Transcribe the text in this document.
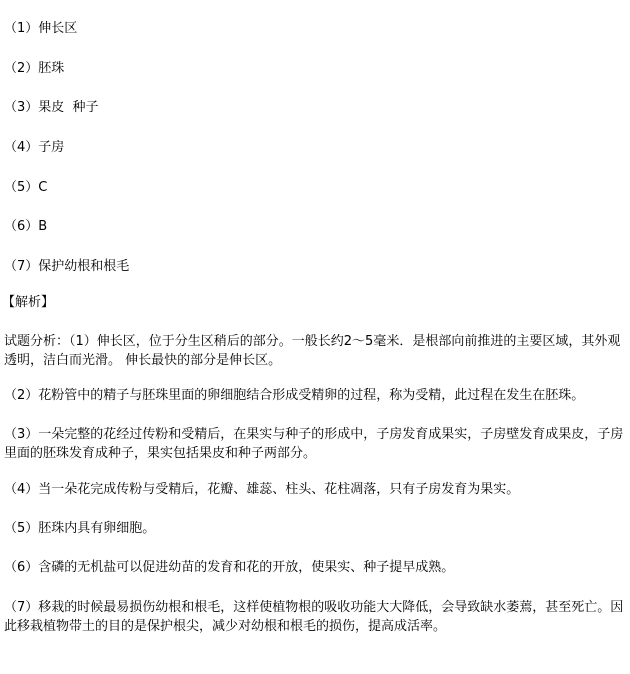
（1）伸长区
（2）胚珠
（3）果皮  种子
（4）子房
（5）C
（6）B
（7）保护幼根和根毛
【解析】
试题分析：（1）伸长区，位于分生区稍后的部分。一般长约2～5毫米．是根部向前推进的主要区域，其外观透明，洁白而光滑。 伸长最快的部分是伸长区。
（2）花粉管中的精子与胚珠里面的卵细胞结合形成受精卵的过程，称为受精，此过程在发生在胚珠。
（3）一朵完整的花经过传粉和受精后，在果实与种子的形成中，子房发育成果实，子房壁发育成果皮，子房里面的胚珠发育成种子，果实包括果皮和种子两部分。
（4）当一朵花完成传粉与受精后，花瓣、雄蕊、柱头、花柱凋落，只有子房发育为果实。
（5）胚珠内具有卵细胞。
（6）含磷的无机盐可以促进幼苗的发育和花的开放，使果实、种子提早成熟。
（7）移栽的时候最易损伤幼根和根毛，这样使植物根的吸收功能大大降低，会导致缺水萎蔫，甚至死亡。因此移栽植物带土的目的是保护根尖，减少对幼根和根毛的损伤，提高成活率。
